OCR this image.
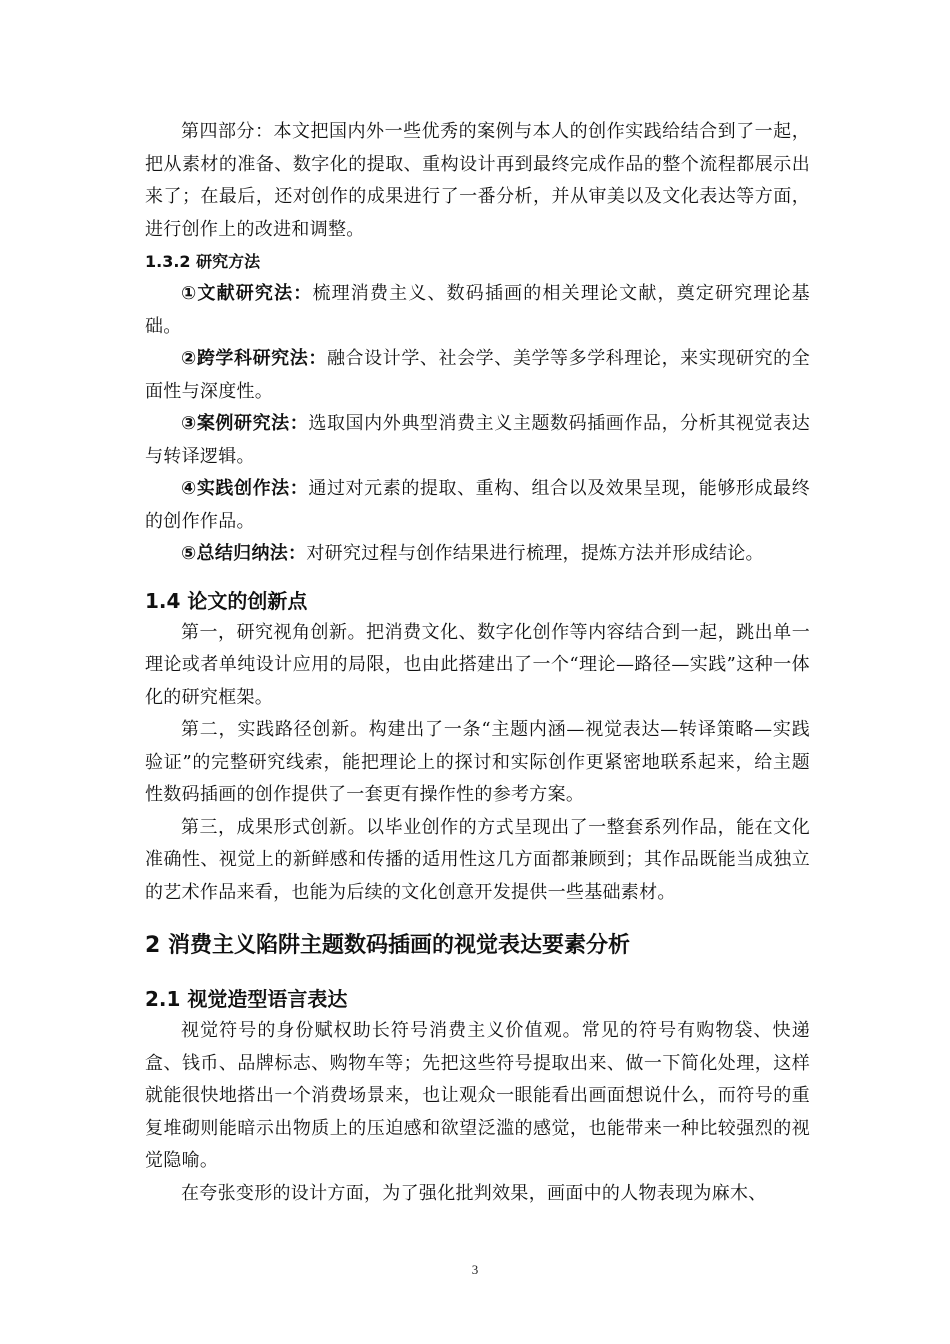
第四部分：本文把国内外一些优秀的案例与本人的创作实践给结合到了一起，把从素材的准备、数字化的提取、重构设计再到最终完成作品的整个流程都展示出来了；在最后，还对创作的成果进行了一番分析，并从审美以及文化表达等方面，进行创作上的改进和调整。

1.3.2 研究方法

①文献研究法：梳理消费主义、数码插画的相关理论文献，奠定研究理论基础。

②跨学科研究法：融合设计学、社会学、美学等多学科理论，来实现研究的全面性与深度性。

③案例研究法：选取国内外典型消费主义主题数码插画作品，分析其视觉表达与转译逻辑。

④实践创作法：通过对元素的提取、重构、组合以及效果呈现，能够形成最终的创作作品。

⑤总结归纳法：对研究过程与创作结果进行梳理，提炼方法并形成结论。

1.4 论文的创新点

第一，研究视角创新。把消费文化、数字化创作等内容结合到一起，跳出单一理论或者单纯设计应用的局限，也由此搭建出了一个“理论—路径—实践”这种一体化的研究框架。

第二，实践路径创新。构建出了一条“主题内涵—视觉表达—转译策略—实践验证”的完整研究线索，能把理论上的探讨和实际创作更紧密地联系起来，给主题性数码插画的创作提供了一套更有操作性的参考方案。

第三，成果形式创新。以毕业创作的方式呈现出了一整套系列作品，能在文化准确性、视觉上的新鲜感和传播的适用性这几方面都兼顾到；其作品既能当成独立的艺术作品来看，也能为后续的文化创意开发提供一些基础素材。

2 消费主义陷阱主题数码插画的视觉表达要素分析
2.1 视觉造型语言表达

视觉符号的身份赋权助长符号消费主义价值观。常见的符号有购物袋、快递盒、钱币、品牌标志、购物车等；先把这些符号提取出来、做一下简化处理，这样就能很快地搭出一个消费场景来，也让观众一眼能看出画面想说什么，而符号的重复堆砌则能暗示出物质上的压迫感和欲望泛滥的感觉，也能带来一种比较强烈的视觉隐喻。

在夸张变形的设计方面，为了强化批判效果，画面中的人物表现为麻木、

3
